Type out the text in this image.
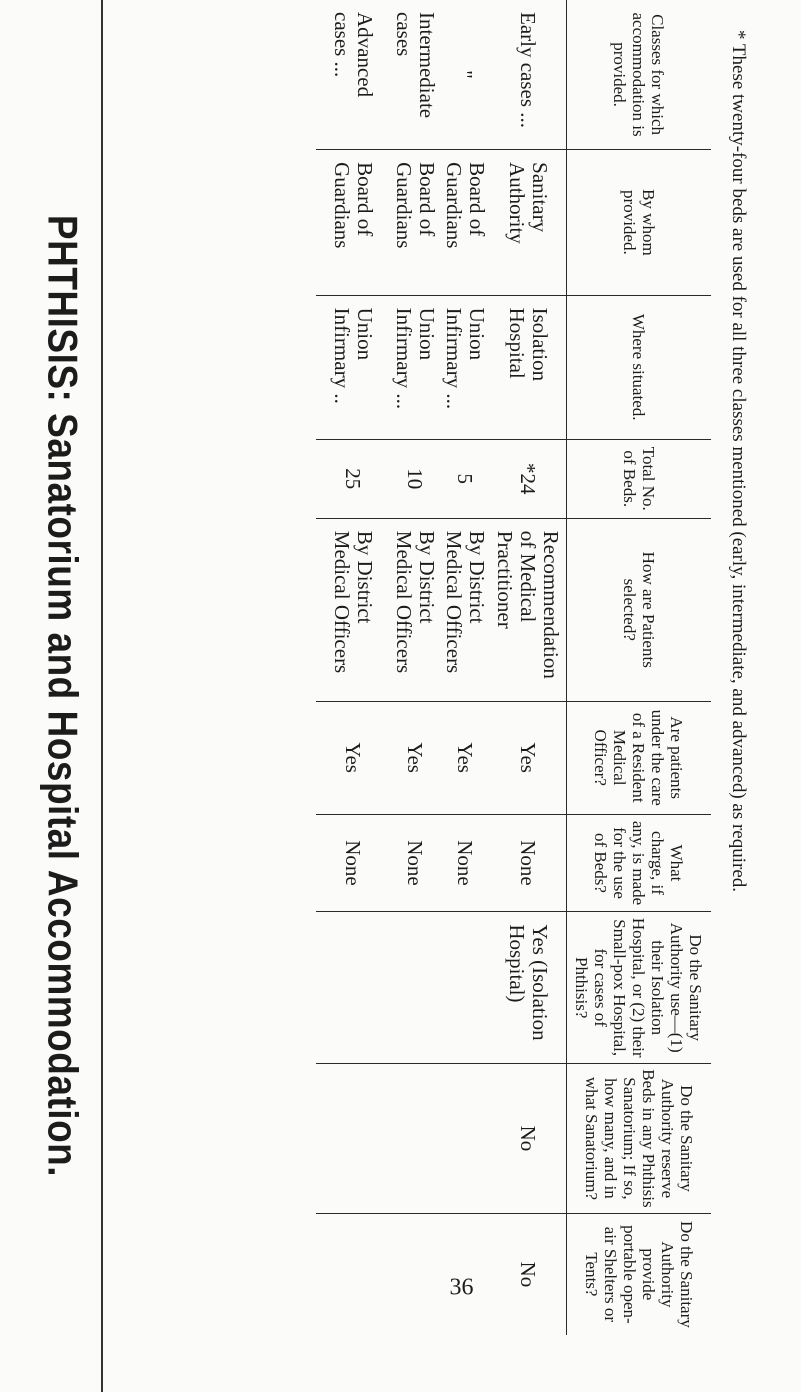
PHTHISIS: Sanatorium and Hospital Accommodation.
36
* These twenty-four beds are used for all three classes mentioned (early, intermediate, and advanced) as required.
Classes for which accommodation is provided.	By whom provided.	Where situated.	Total No. of Beds.	How are Patients selected?	Are patients under the care of a Resident Medical Officer?	What charge, if any, is made for the use of Beds?	Do the Sanitary Authority use—(1) their Isolation Hospital, or (2) their Small-pox Hospital, for cases of Phthisis?	Do the Sanitary Authority reserve Beds in any Phthisis Sanatorium; If so, how many, and in what Sanatorium?	Do the Sanitary Authority provide portable open-air Shelters or Tents?
Early cases ...	Sanitary Authority	Isolation Hospital	*24	Recommendation of Medical Practitioner	Yes	None	Yes (Isolation Hospital)	No	No
"	Board of Guardians	Union Infirmary ...	5	By District Medical Officers	Yes	None			
Intermediate cases	Board of Guardians	Union Infirmary ...	10	By District Medical Officers	Yes	None			
Advanced cases ...	Board of Guardians	Union Infirmary ..	25	By District Medical Officers	Yes	None			
